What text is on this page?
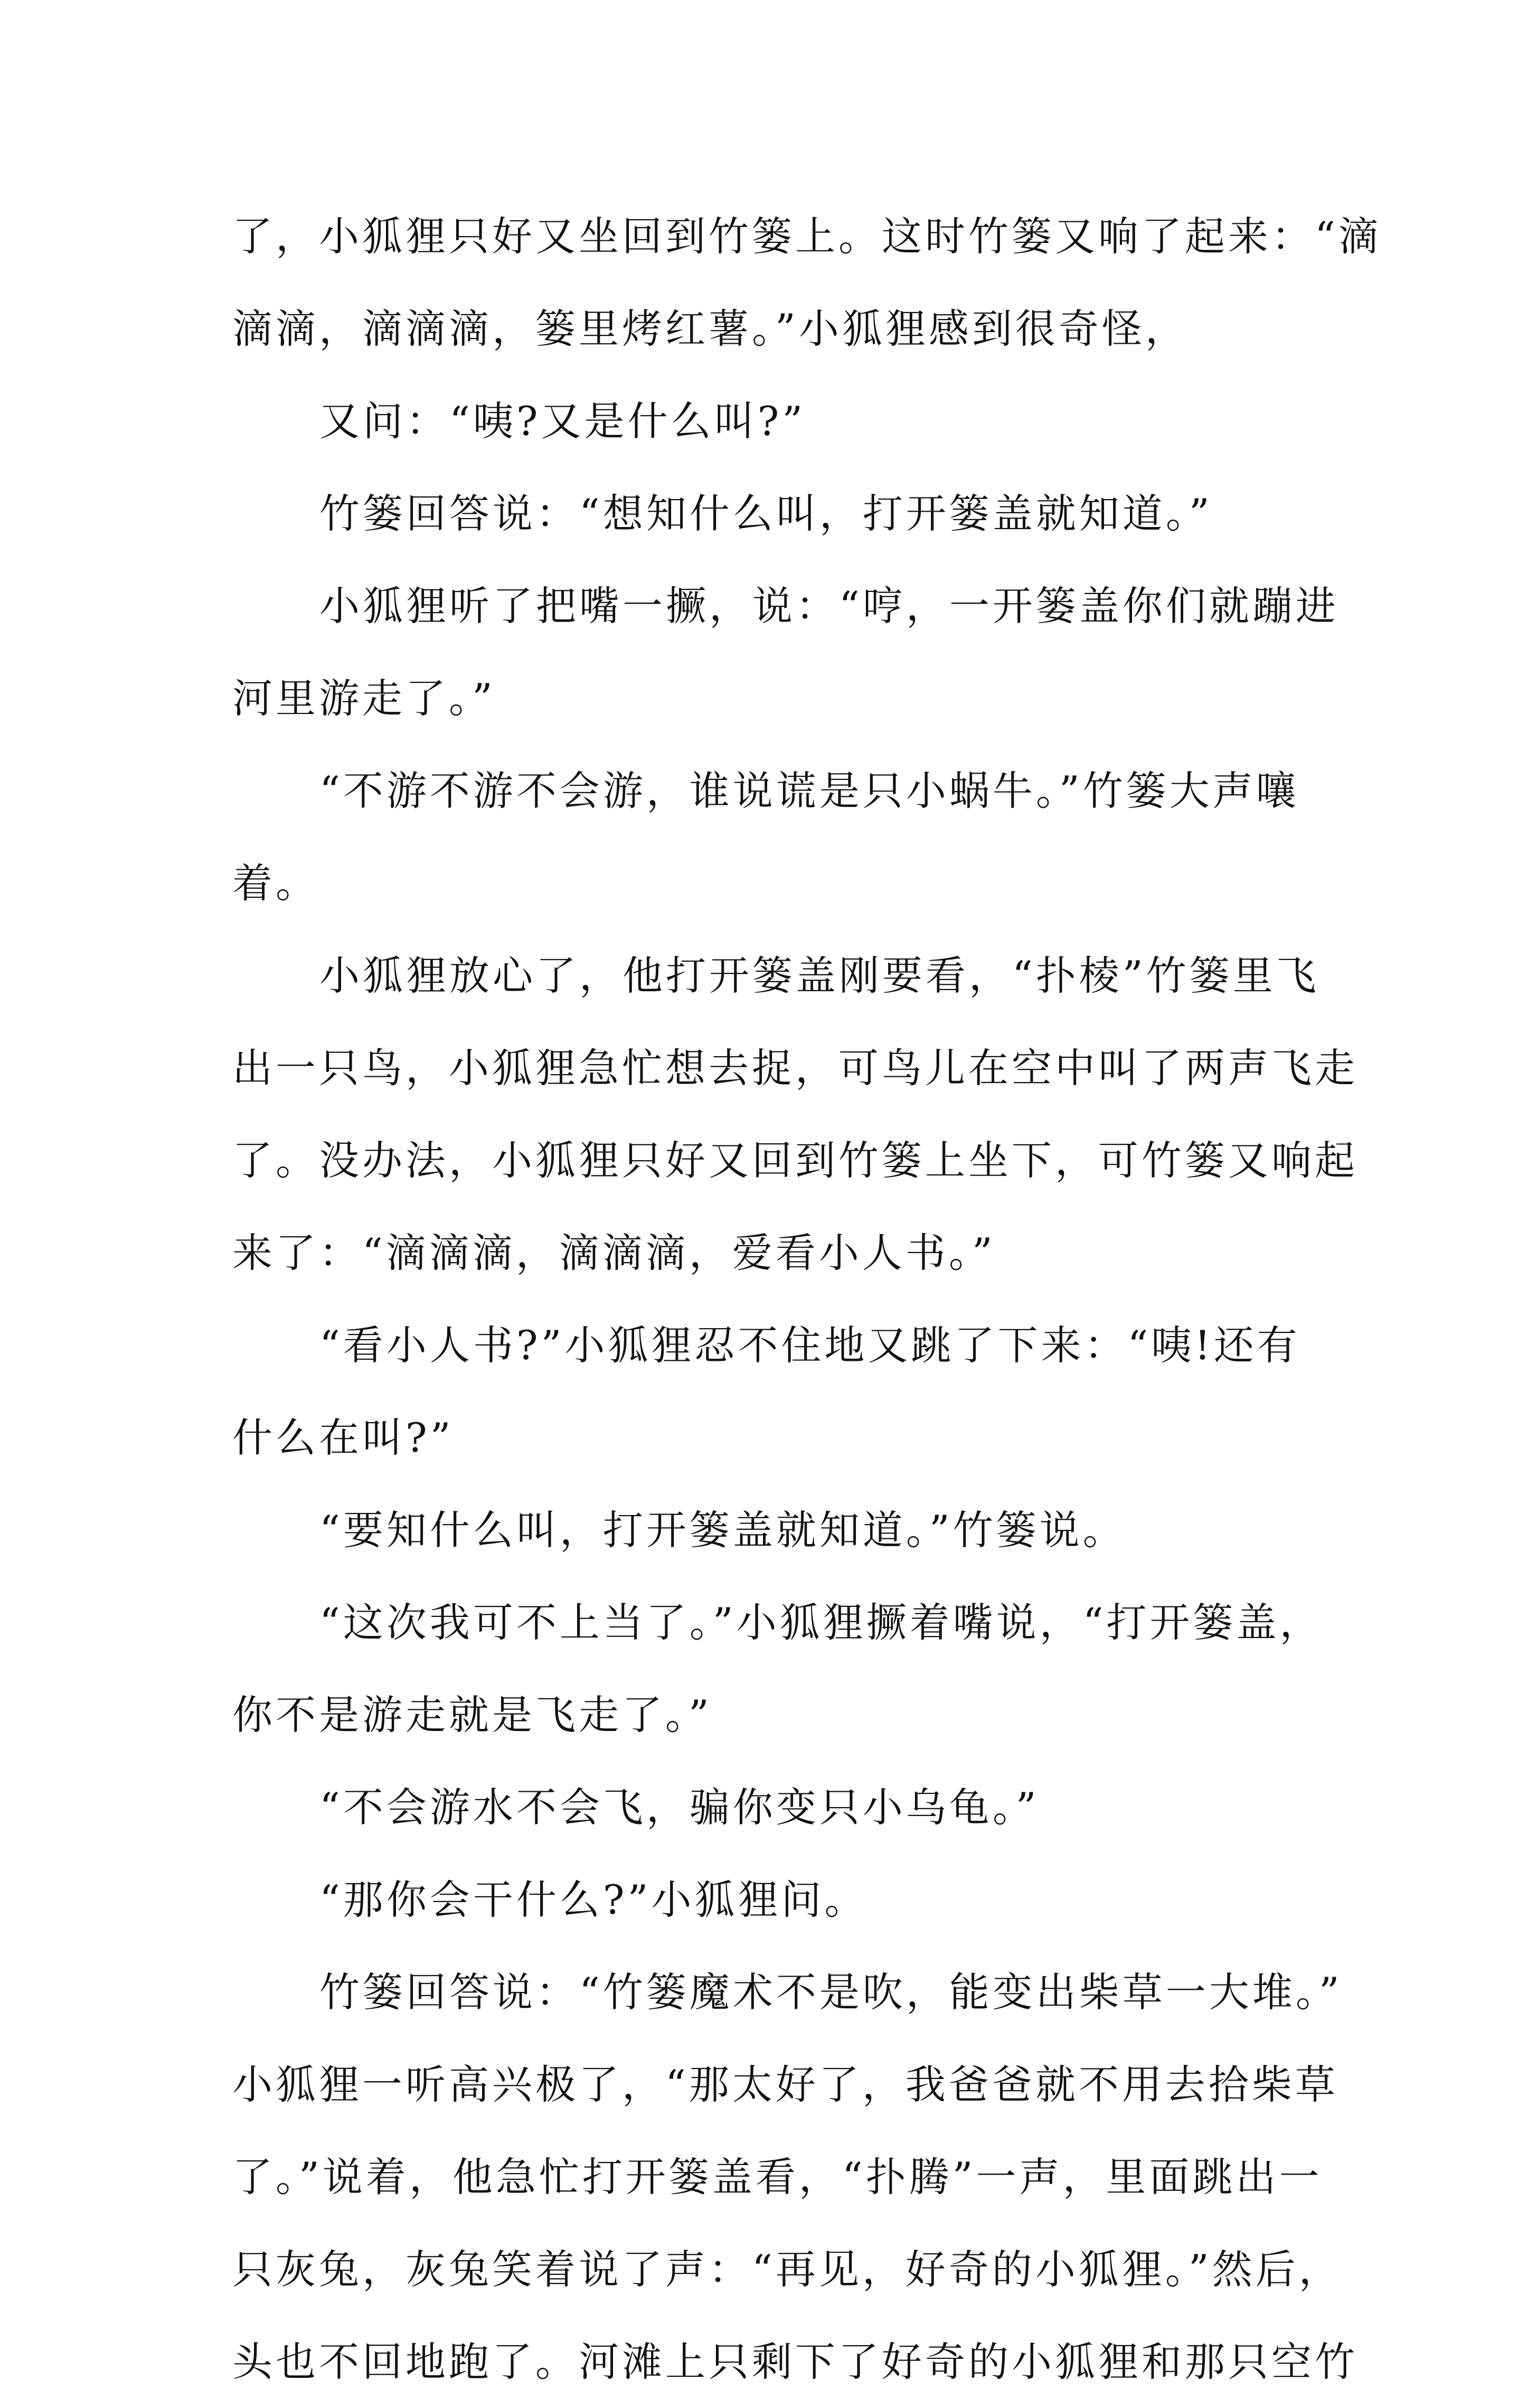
了，小狐狸只好又坐回到竹篓上。这时竹篓又响了起来：“滴
滴滴，滴滴滴，篓里烤红薯。”小狐狸感到很奇怪，
又问：“咦?又是什么叫?”
竹篓回答说：“想知什么叫，打开篓盖就知道。”
小狐狸听了把嘴一撅，说：“哼，一开篓盖你们就蹦进
河里游走了。”
“不游不游不会游，谁说谎是只小蜗牛。”竹篓大声嚷
着。
小狐狸放心了，他打开篓盖刚要看，“扑棱”竹篓里飞
出一只鸟，小狐狸急忙想去捉，可鸟儿在空中叫了两声飞走
了。没办法，小狐狸只好又回到竹篓上坐下，可竹篓又响起
来了：“滴滴滴，滴滴滴，爱看小人书。”
“看小人书?”小狐狸忍不住地又跳了下来：“咦!还有
什么在叫?”
“要知什么叫，打开篓盖就知道。”竹篓说。
“这次我可不上当了。”小狐狸撅着嘴说，“打开篓盖，
你不是游走就是飞走了。”
“不会游水不会飞，骗你变只小乌龟。”
“那你会干什么?”小狐狸问。
竹篓回答说：“竹篓魔术不是吹，能变出柴草一大堆。”
小狐狸一听高兴极了，“那太好了，我爸爸就不用去拾柴草
了。”说着，他急忙打开篓盖看，“扑腾”一声，里面跳出一
只灰兔，灰兔笑着说了声：“再见，好奇的小狐狸。”然后，
头也不回地跑了。河滩上只剩下了好奇的小狐狸和那只空竹
